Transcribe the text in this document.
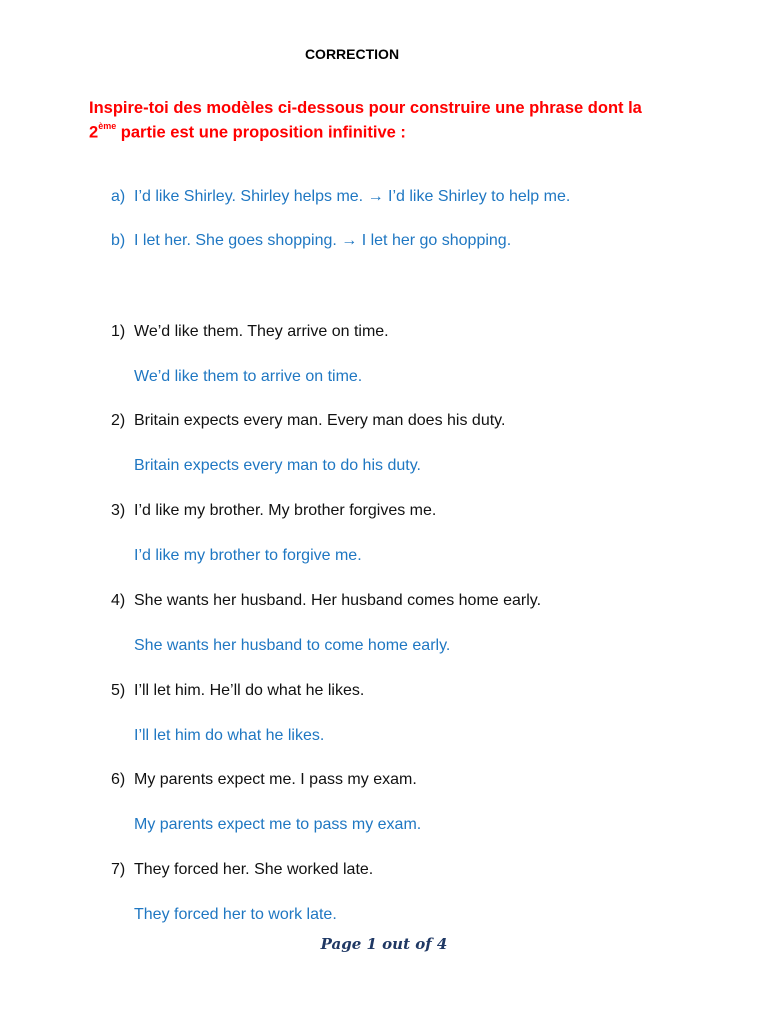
CORRECTION
Inspire-toi des modèles ci-dessous pour construire une phrase dont la
2ème partie est une proposition infinitive :
a) I’d like Shirley. Shirley helps me. → I’d like Shirley to help me.
b) I let her. She goes shopping. → I let her go shopping.
1) We’d like them. They arrive on time.
We’d like them to arrive on time.
2) Britain expects every man. Every man does his duty.
Britain expects every man to do his duty.
3) I’d like my brother. My brother forgives me.
I’d like my brother to forgive me.
4) She wants her husband. Her husband comes home early.
She wants her husband to come home early.
5) I’ll let him. He’ll do what he likes.
I’ll let him do what he likes.
6) My parents expect me. I pass my exam.
My parents expect me to pass my exam.
7) They forced her. She worked late.
They forced her to work late.
Page 1 out of 4
